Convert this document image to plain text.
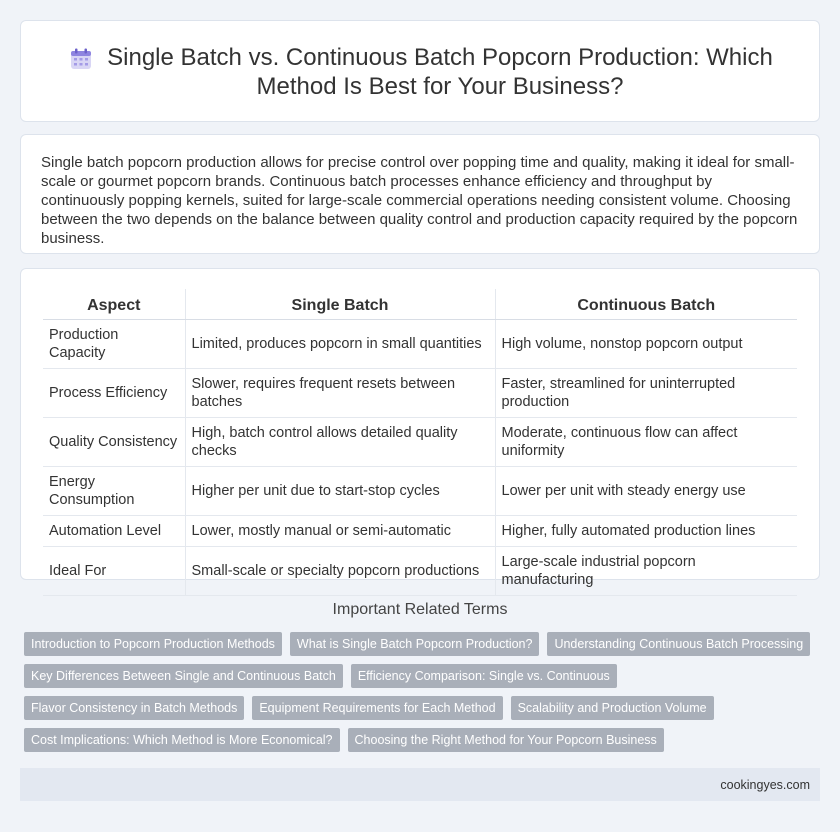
Single Batch vs. Continuous Batch Popcorn Production: Which Method Is Best for Your Business?

Single batch popcorn production allows for precise control over popping time and quality, making it ideal for small-scale or gourmet popcorn brands. Continuous batch processes enhance efficiency and throughput by continuously popping kernels, suited for large-scale commercial operations needing consistent volume. Choosing between the two depends on the balance between quality control and production capacity required by the popcorn business.

Aspect	Single Batch	Continuous Batch
Production Capacity	Limited, produces popcorn in small quantities	High volume, nonstop popcorn output
Process Efficiency	Slower, requires frequent resets between batches	Faster, streamlined for uninterrupted production
Quality Consistency	High, batch control allows detailed quality checks	Moderate, continuous flow can affect uniformity
Energy Consumption	Higher per unit due to start-stop cycles	Lower per unit with steady energy use
Automation Level	Lower, mostly manual or semi-automatic	Higher, fully automated production lines
Ideal For	Small-scale or specialty popcorn productions	Large-scale industrial popcorn manufacturing
Important Related Terms
Introduction to Popcorn Production Methods	What is Single Batch Popcorn Production?	Understanding Continuous Batch Processing
Key Differences Between Single and Continuous Batch	Efficiency Comparison: Single vs. Continuous
Flavor Consistency in Batch Methods	Equipment Requirements for Each Method	Scalability and Production Volume
Cost Implications: Which Method is More Economical?	Choosing the Right Method for Your Popcorn Business
cookingyes.com
